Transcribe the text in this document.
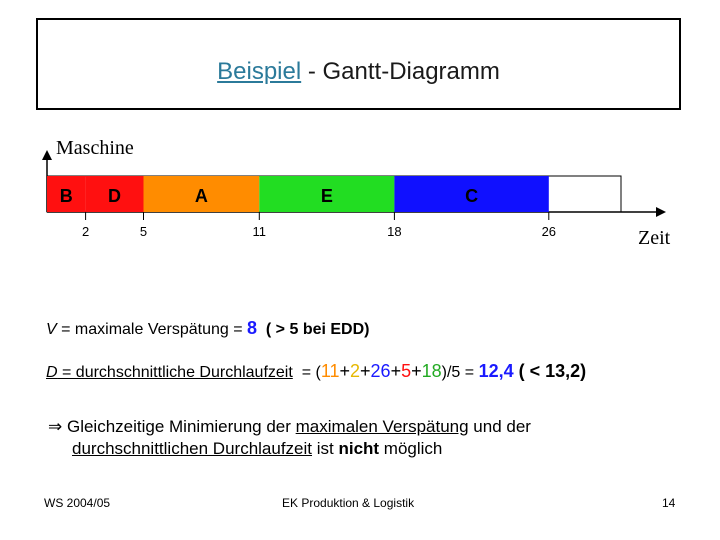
Beispiel - Gantt-Diagramm
Maschine
Zeit
B D	A	E	C
2	5	11	18	26
V = maximale Verspätung = 8  ( > 5 bei EDD)
D = durchschnittliche Durchlaufzeit  = (11+2+26+5+18)/5 = 12,4 ( < 13,2)
⇒ Gleichzeitige Minimierung der maximalen Verspätung und der
durchschnittlichen Durchlaufzeit ist nicht möglich
WS 2004/05	EK Produktion & Logistik	14
